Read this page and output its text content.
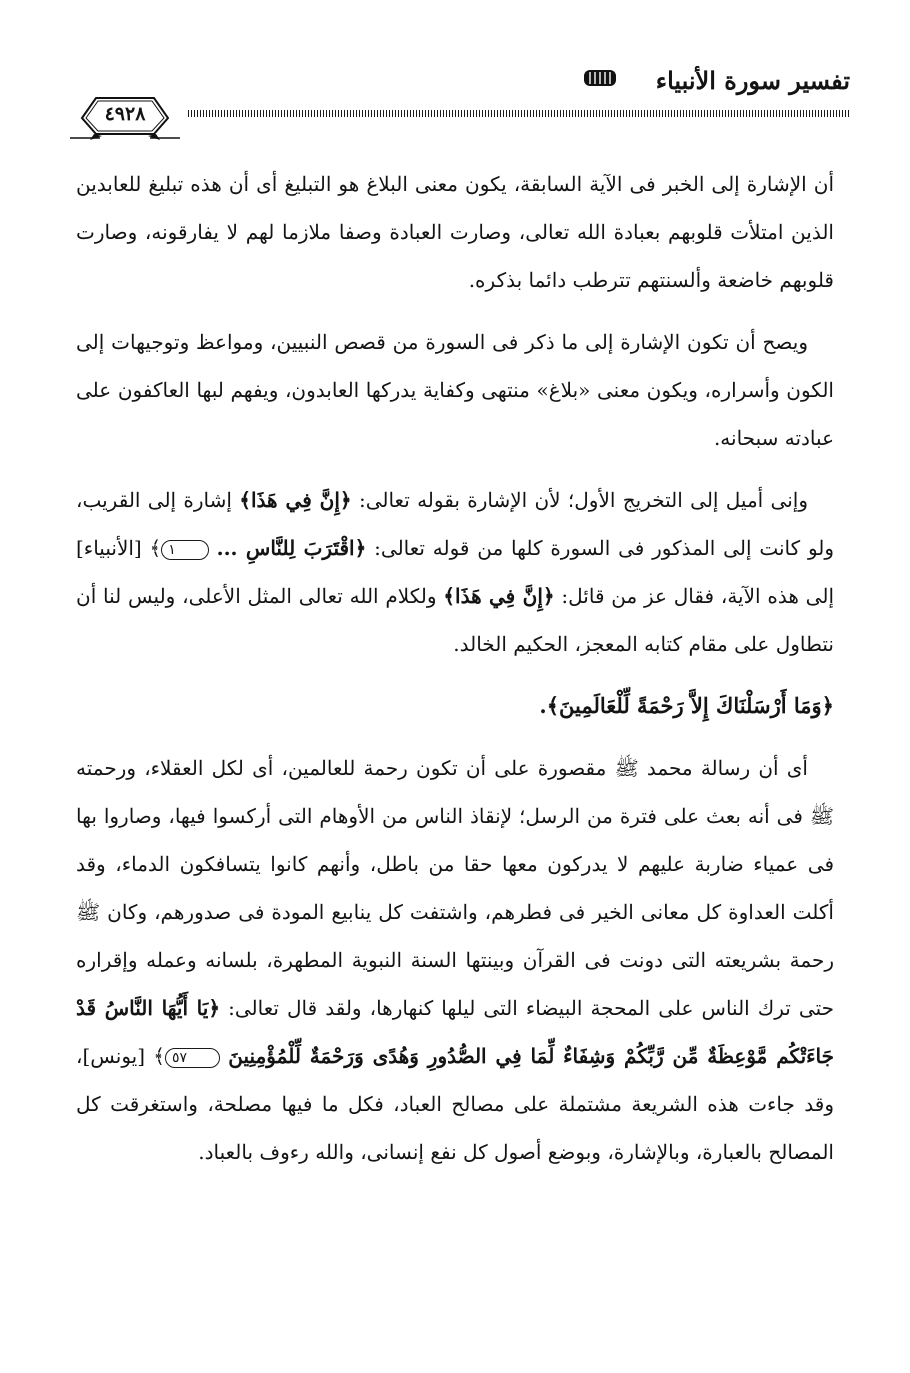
تفسير سورة الأنبياء
٤٩٢٨

أن الإشارة إلى الخبر فى الآية السابقة، يكون معنى البلاغ هو التبليغ أى أن هذه تبليغ للعابدين الذين امتلأت قلوبهم بعبادة الله تعالى، وصارت العبادة وصفا ملازما لهم لا يفارقونه، وصارت قلوبهم خاضعة وألسنتهم تترطب دائما بذكره.

ويصح أن تكون الإشارة إلى ما ذكر فى السورة من قصص النبيين، ومواعظ وتوجيهات إلى الكون وأسراره، ويكون معنى «بلاغ» منتهى وكفاية يدركها العابدون، ويفهم لبها العاكفون على عبادته سبحانه.

وإنى أميل إلى التخريج الأول؛ لأن الإشارة بقوله تعالى: ﴿إِنَّ فِي هَذَا﴾ إشارة إلى القريب، ولو كانت إلى المذكور فى السورة كلها من قوله تعالى: ﴿اقْتَرَبَ لِلنَّاسِ ... ١﴾ [الأنبياء] إلى هذه الآية، فقال عز من قائل: ﴿إِنَّ فِي هَذَا﴾ ولكلام الله تعالى المثل الأعلى، وليس لنا أن نتطاول على مقام كتابه المعجز، الحكيم الخالد.

﴿وَمَا أَرْسَلْنَاكَ إِلاَّ رَحْمَةً لِّلْعَالَمِينَ﴾.

أى أن رسالة محمد ﷺ مقصورة على أن تكون رحمة للعالمين، أى لكل العقلاء، ورحمته ﷺ فى أنه بعث على فترة من الرسل؛ لإنقاذ الناس من الأوهام التى أركسوا فيها، وصاروا بها فى عمياء ضاربة عليهم لا يدركون معها حقا من باطل، وأنهم كانوا يتسافكون الدماء، وقد أكلت العداوة كل معانى الخير فى فطرهم، واشتفت كل ينابيع المودة فى صدورهم، وكان ﷺ رحمة بشريعته التى دونت فى القرآن وبينتها السنة النبوية المطهرة، بلسانه وعمله وإقراره حتى ترك الناس على المحجة البيضاء التى ليلها كنهارها، ولقد قال تعالى: ﴿يَا أَيُّهَا النَّاسُ قَدْ جَاءَتْكُم مَّوْعِظَةٌ مِّن رَّبِّكُمْ وَشِفَاءٌ لِّمَا فِي الصُّدُورِ وَهُدًى وَرَحْمَةٌ لِّلْمُؤْمِنِينَ ٥٧﴾ [يونس]، وقد جاءت هذه الشريعة مشتملة على مصالح العباد، فكل ما فيها مصلحة، واستغرقت كل المصالح بالعبارة، وبالإشارة، وبوضع أصول كل نفع إنسانى، والله رءوف بالعباد.
